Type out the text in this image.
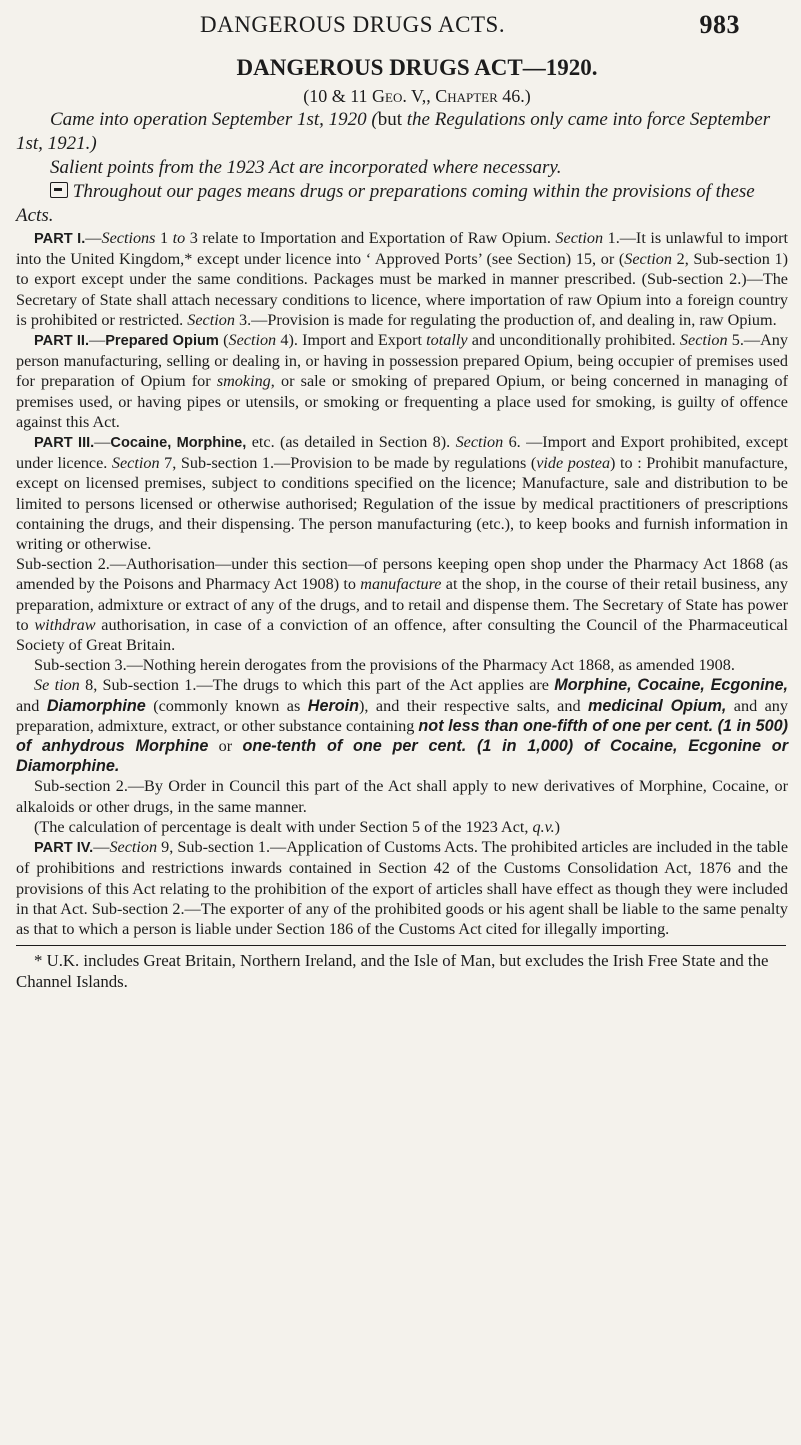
DANGEROUS DRUGS ACTS.	983
DANGEROUS DRUGS ACT—1920.
(10 & 11 Geo. V,, Chapter 46.)

Came into operation September 1st, 1920 (but the Regulations only came into force September 1st, 1921.)

Salient points from the 1923 Act are incorporated where necessary.

Throughout our pages means drugs or preparations coming within the provisions of these Acts.

PART I.—Sections 1 to 3 relate to Importation and Exportation of Raw Opium. Section 1.—It is unlawful to import into the United Kingdom,* except under licence into ‘ Approved Ports’ (see Section) 15, or (Section 2, Sub-section 1) to export except under the same conditions. Packages must be marked in manner prescribed. (Sub-section 2.)—The Secretary of State shall attach necessary conditions to licence, where importation of raw Opium into a foreign country is prohibited or restricted. Section 3.—Provision is made for regulating the production of, and dealing in, raw Opium.

PART II.—Prepared Opium (Section 4). Import and Export totally and unconditionally prohibited. Section 5.—Any person manufacturing, selling or dealing in, or having in possession prepared Opium, being occupier of premises used for preparation of Opium for smoking, or sale or smoking of prepared Opium, or being concerned in managing of premises used, or having pipes or utensils, or smoking or frequenting a place used for smoking, is guilty of offence against this Act.

PART III.—Cocaine, Morphine, etc. (as detailed in Section 8). Section 6. —Import and Export prohibited, except under licence. Section 7, Sub-section 1.—Provision to be made by regulations (vide postea) to : Prohibit manufacture, except on licensed premises, subject to conditions specified on the licence; Manufacture, sale and distribution to be limited to persons licensed or otherwise authorised; Regulation of the issue by medical practitioners of prescriptions containing the drugs, and their dispensing. The person manufacturing (etc.), to keep books and furnish information in writing or otherwise.

Sub-section 2.—Authorisation—under this section—of persons keeping open shop under the Pharmacy Act 1868 (as amended by the Poisons and Pharmacy Act 1908) to manufacture at the shop, in the course of their retail business, any preparation, admixture or extract of any of the drugs, and to retail and dispense them. The Secretary of State has power to withdraw authorisation, in case of a conviction of an offence, after consulting the Council of the Pharmaceutical Society of Great Britain.

Sub-section 3.—Nothing herein derogates from the provisions of the Pharmacy Act 1868, as amended 1908.

Se tion 8, Sub-section 1.—The drugs to which this part of the Act applies are Morphine, Cocaine, Ecgonine, and Diamorphine (commonly known as Heroin), and their respective salts, and medicinal Opium, and any preparation, admixture, extract, or other substance containing not less than one-fifth of one per cent. (1 in 500) of anhydrous Morphine or one-tenth of one per cent. (1 in 1,000) of Cocaine, Ecgonine or Diamorphine.

Sub-section 2.—By Order in Council this part of the Act shall apply to new derivatives of Morphine, Cocaine, or alkaloids or other drugs, in the same manner.

(The calculation of percentage is dealt with under Section 5 of the 1923 Act, q.v.)

PART IV.—Section 9, Sub-section 1.—Application of Customs Acts. The prohibited articles are included in the table of prohibitions and restrictions inwards contained in Section 42 of the Customs Consolidation Act, 1876 and the provisions of this Act relating to the prohibition of the export of articles shall have effect as though they were included in that Act. Sub-section 2.—The exporter of any of the prohibited goods or his agent shall be liable to the same penalty as that to which a person is liable under Section 186 of the Customs Act cited for illegally importing.

* U.K. includes Great Britain, Northern Ireland, and the Isle of Man, but excludes the Irish Free State and the Channel Islands.
